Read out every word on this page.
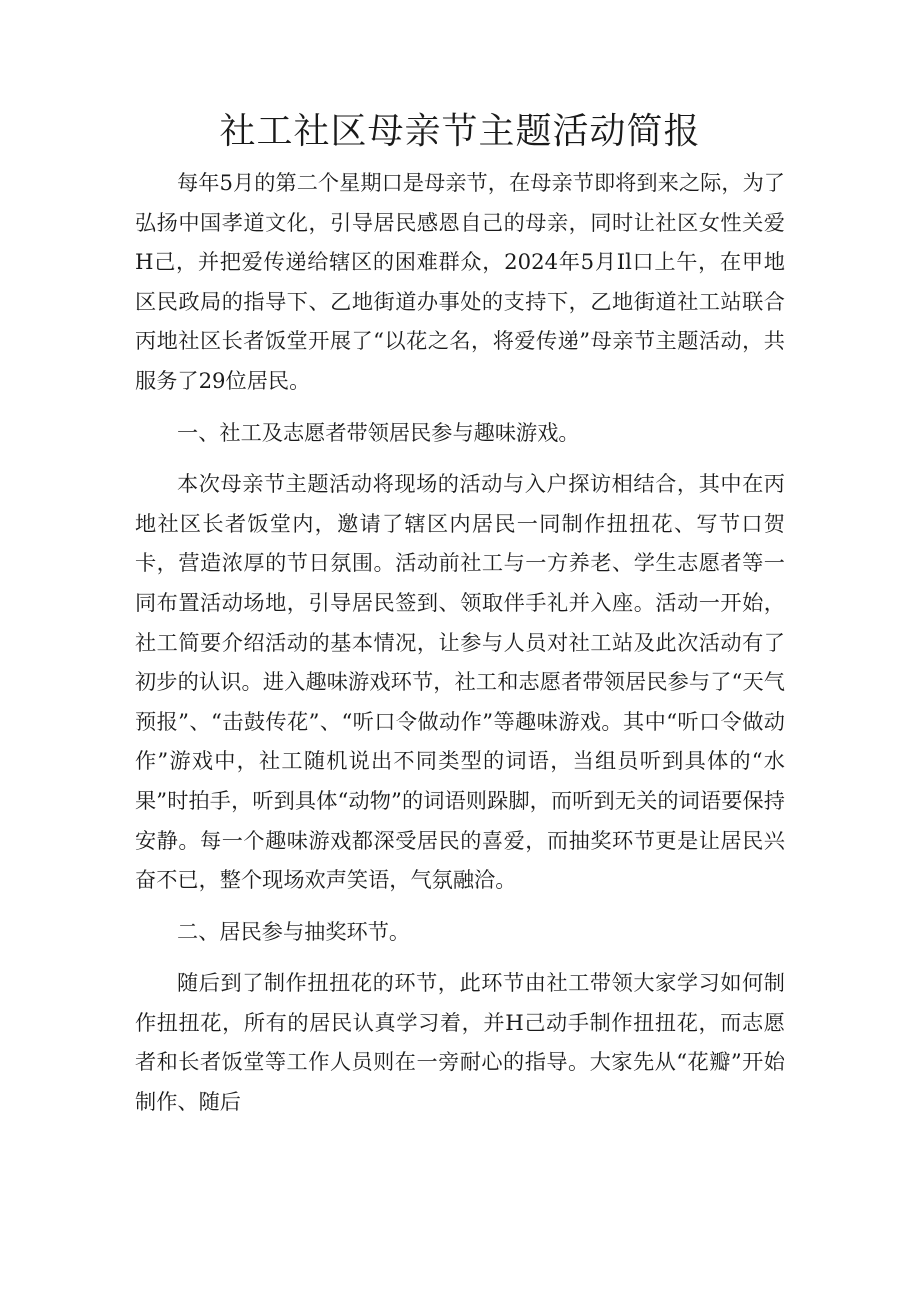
社工社区母亲节主题活动简报

每年5月的第二个星期口是母亲节，在母亲节即将到来之际，为了弘扬中国孝道文化，引导居民感恩自己的母亲，同时让社区女性关爱H己，并把爱传递给辖区的困难群众，2024年5月Il口上午，在甲地区民政局的指导下、乙地街道办事处的支持下，乙地街道社工站联合丙地社区长者饭堂开展了“以花之名，将爱传递”母亲节主题活动，共服务了29位居民。

一、社工及志愿者带领居民参与趣味游戏。

本次母亲节主题活动将现场的活动与入户探访相结合，其中在丙地社区长者饭堂内，邀请了辖区内居民一同制作扭扭花、写节口贺卡，营造浓厚的节日氛围。活动前社工与一方养老、学生志愿者等一同布置活动场地，引导居民签到、领取伴手礼并入座。活动一开始，社工简要介绍活动的基本情况，让参与人员对社工站及此次活动有了初步的认识。进入趣味游戏环节，社工和志愿者带领居民参与了“天气预报”、“击鼓传花”、“听口令做动作”等趣味游戏。其中“听口令做动作”游戏中，社工随机说出不同类型的词语，当组员听到具体的“水果”时拍手，听到具体“动物”的词语则跺脚，而听到无关的词语要保持安静。每一个趣味游戏都深受居民的喜爱，而抽奖环节更是让居民兴奋不已，整个现场欢声笑语，气氛融洽。

二、居民参与抽奖环节。

随后到了制作扭扭花的环节，此环节由社工带领大家学习如何制作扭扭花，所有的居民认真学习着，并H己动手制作扭扭花，而志愿者和长者饭堂等工作人员则在一旁耐心的指导。大家先从“花瓣”开始制作、随后
